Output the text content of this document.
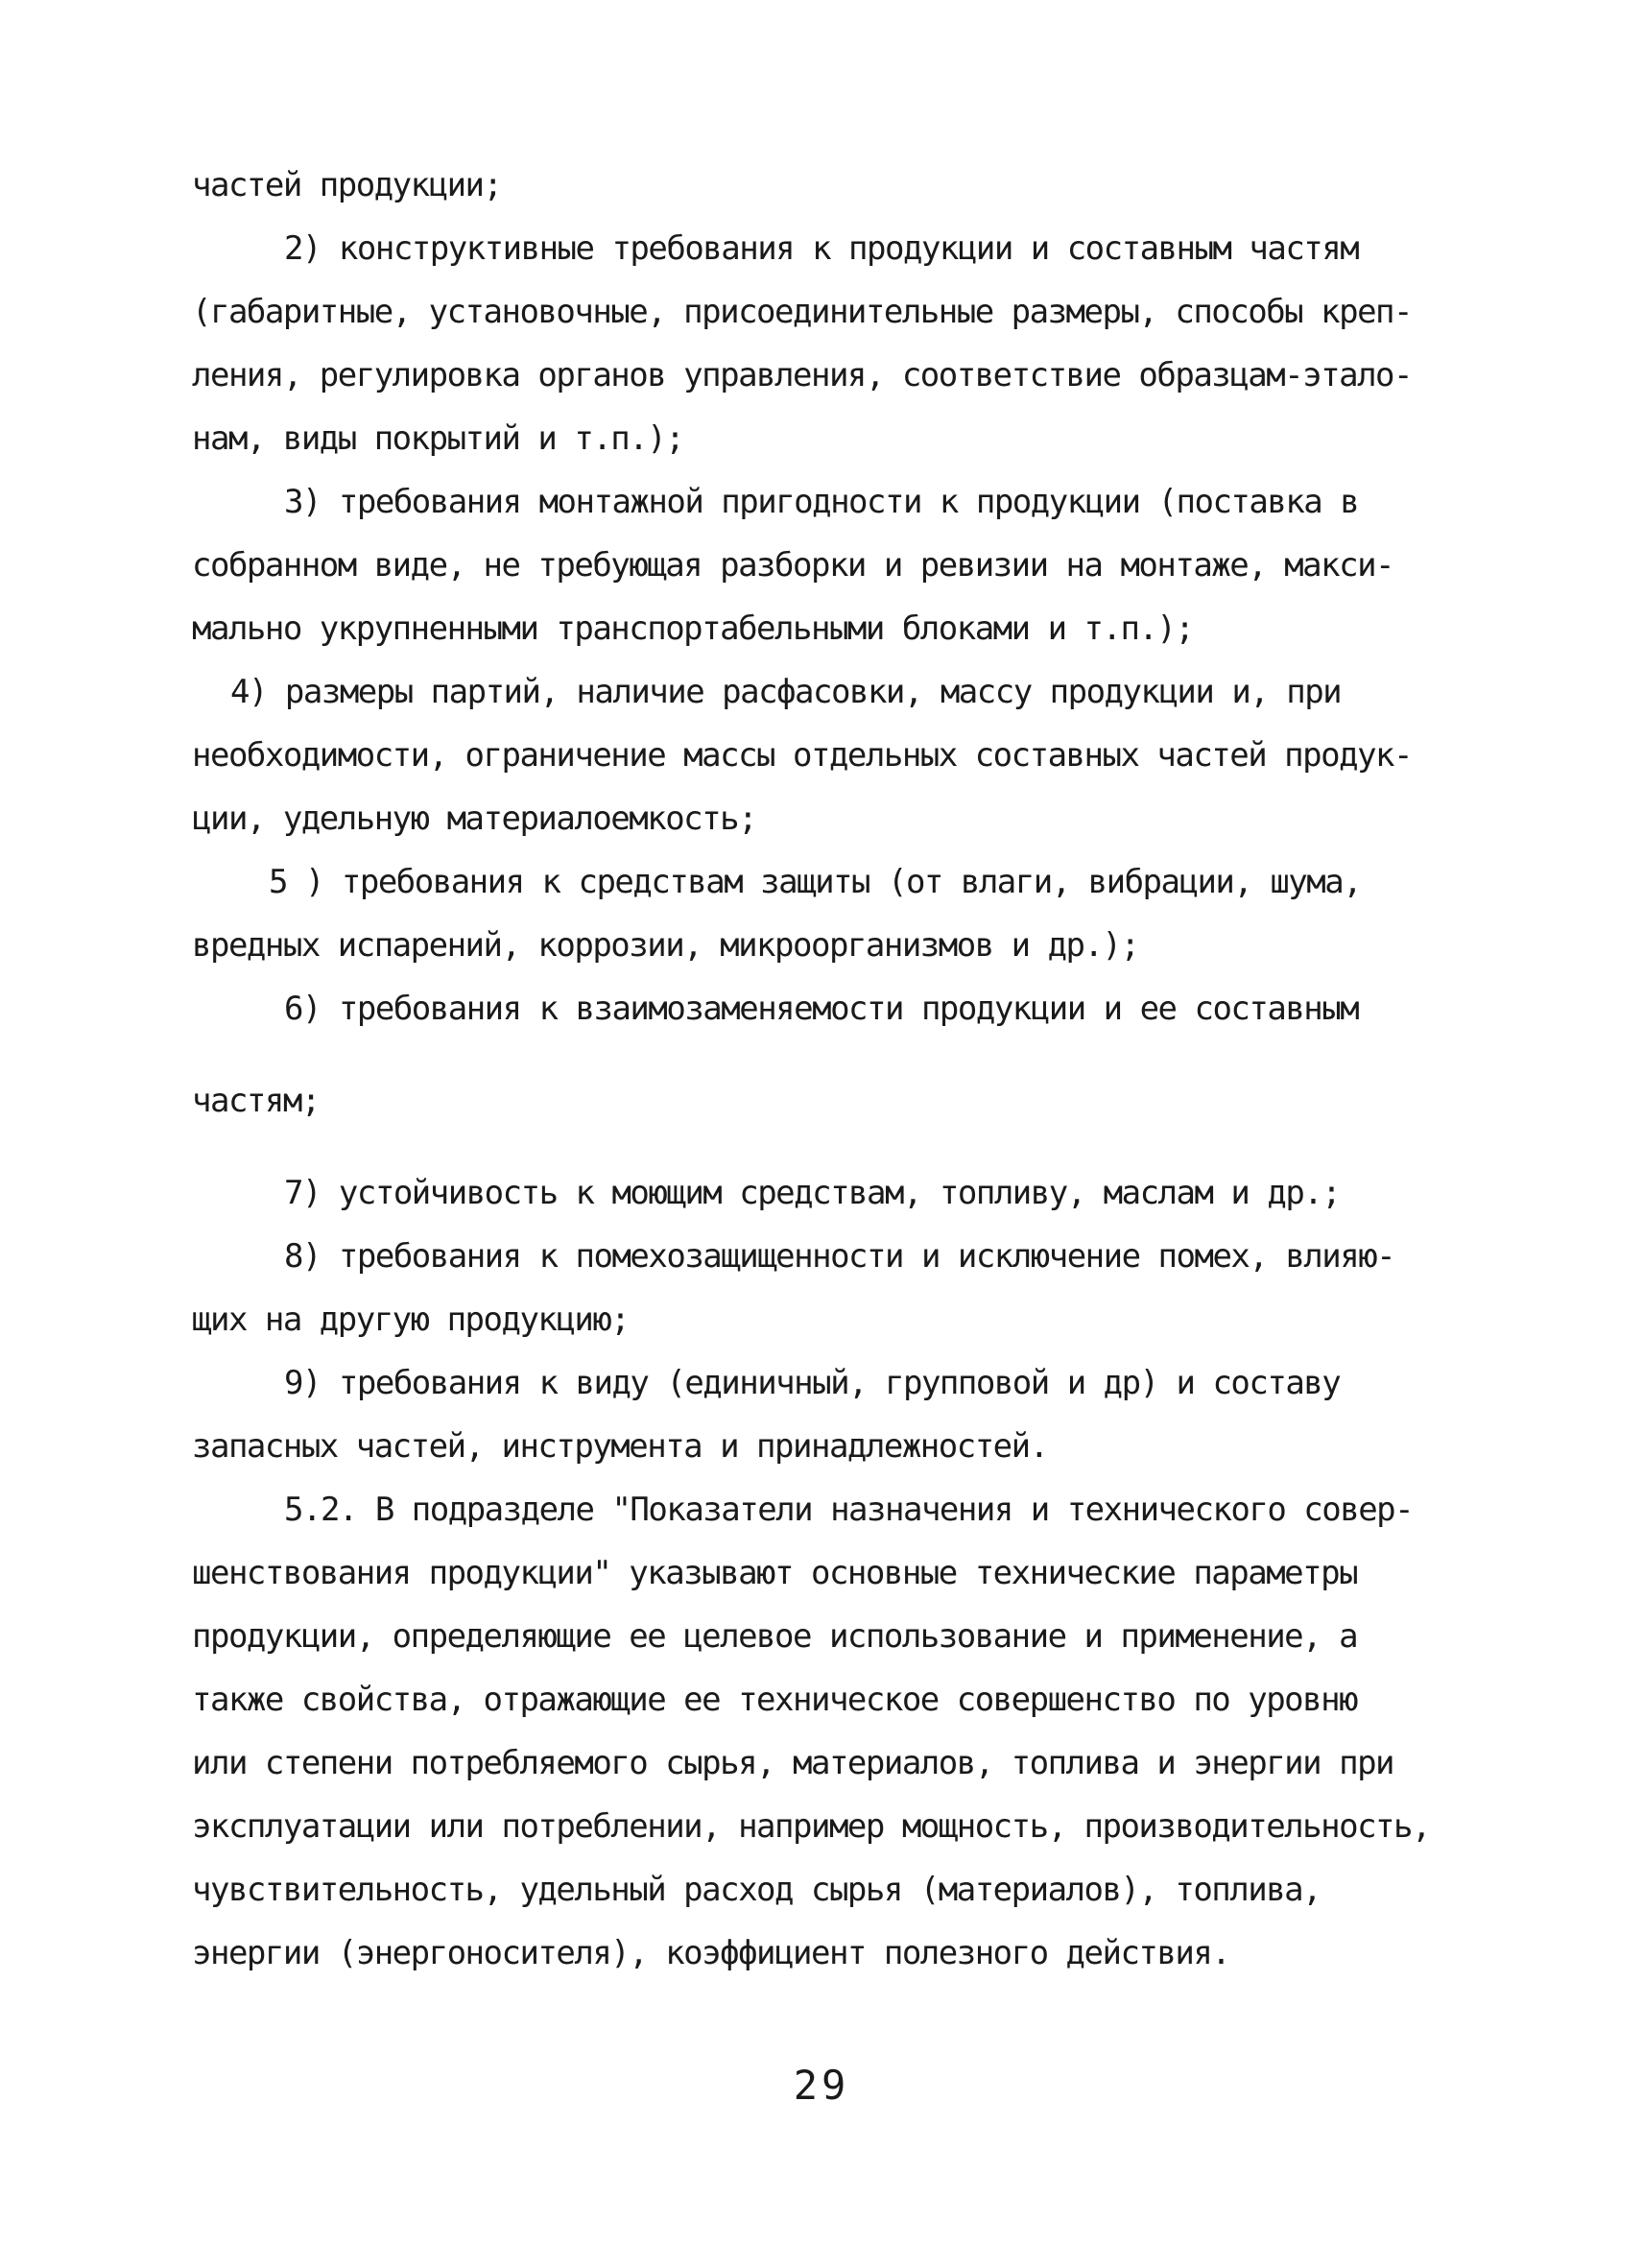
частей продукции;
2) конструктивные требования к продукции и составным частям
(габаритные, установочные, присоединительные размеры, способы креп-
ления, регулировка органов управления, соответствие образцам-этало-
нам, виды покрытий и т.п.);
3) требования монтажной пригодности к продукции (поставка в
собранном виде, не требующая разборки и ревизии на монтаже, макси-
мально укрупненными транспортабельными блоками и т.п.);
4) размеры партий, наличие расфасовки, массу продукции и, при
необходимости, ограничение массы отдельных составных частей продук-
ции, удельную материалоемкость;
5 ) требования к средствам защиты (от влаги, вибрации, шума,
вредных испарений, коррозии, микроорганизмов и др.);
6) требования к взаимозаменяемости продукции и ее составным
частям;
7) устойчивость к моющим средствам, топливу, маслам и др.;
8) требования к помехозащищенности и исключение помех, влияю-
щих на другую продукцию;
9) требования к виду (единичный, групповой и др) и составу
запасных частей, инструмента и принадлежностей.
5.2. В подразделе "Показатели назначения и технического совер-
шенствования продукции" указывают основные технические параметры
продукции, определяющие ее целевое использование и применение, а
также свойства, отражающие ее техническое совершенство по уровню
или степени потребляемого сырья, материалов, топлива и энергии при
эксплуатации или потреблении, например мощность, производительность,
чувствительность, удельный расход сырья (материалов), топлива,
энергии (энергоносителя), коэффициент полезного действия.
29
